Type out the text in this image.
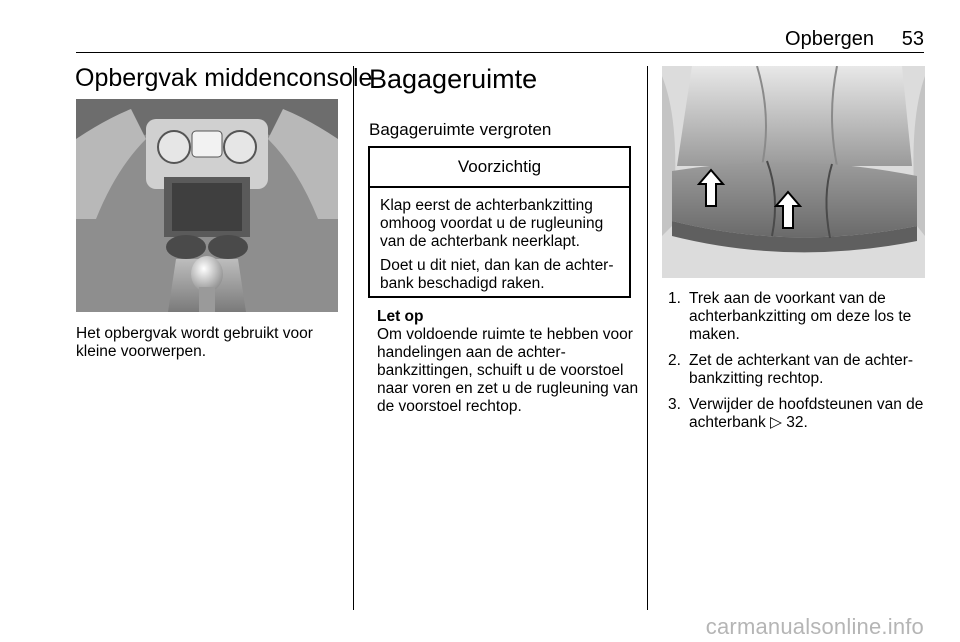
Opbergen 53
Opbergvak middenconsole
Het opbergvak wordt gebruikt voor kleine voorwerpen.
Bagageruimte
Bagageruimte vergroten
Voorzichtig

Klap eerst de achterbankzitting omhoog voordat u de rugleuning van de achterbank neerklapt.

Doet u dit niet, dan kan de achter-bank beschadigd raken.

Let op
Om voldoende ruimte te hebben voor handelingen aan de achter-bankzittingen, schuift u de voorstoel naar voren en zet u de rugleuning van de voorstoel rechtop.
1. Trek aan de voorkant van de achterbankzitting om deze los te maken.
2. Zet de achterkant van de achter-bankzitting rechtop.
3. Verwijder de hoofdsteunen van de achterbank ▷ 32.
carmanualsonline.info
